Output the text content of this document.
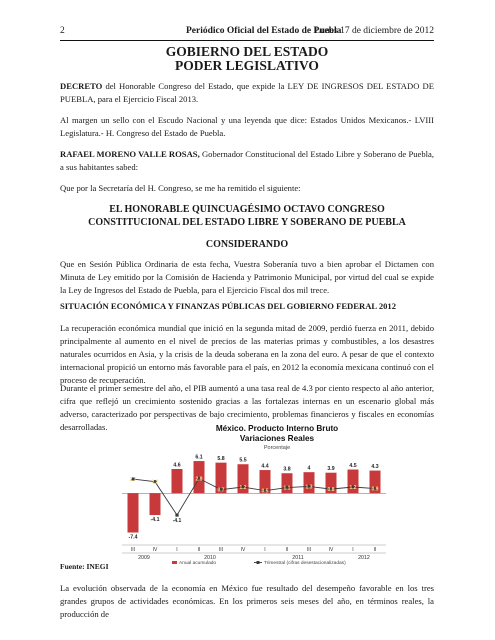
2	Periódico Oficial del Estado de Puebla
Lunes 17 de diciembre de 2012
GOBIERNO DEL ESTADO
PODER LEGISLATIVO

DECRETO del Honorable Congreso del Estado, que expide la LEY DE INGRESOS DEL ESTADO DE PUEBLA, para el Ejercicio Fiscal 2013.

Al margen un sello con el Escudo Nacional y una leyenda que dice: Estados Unidos Mexicanos.- LVIII Legislatura.- H. Congreso del Estado de Puebla.

RAFAEL MORENO VALLE ROSAS, Gobernador Constitucional del Estado Libre y Soberano de Puebla, a sus habitantes sabed:

Que por la Secretaría del H. Congreso, se me ha remitido el siguiente:

EL HONORABLE QUINCUAGÉSIMO OCTAVO CONGRESO
CONSTITUCIONAL DEL ESTADO LIBRE Y SOBERANO DE PUEBLA
CONSIDERANDO

Que en Sesión Pública Ordinaria de esta fecha, Vuestra Soberanía tuvo a bien aprobar el Dictamen con Minuta de Ley emitido por la Comisión de Hacienda y Patrimonio Municipal, por virtud del cual se expide la Ley de Ingresos del Estado de Puebla, para el Ejercicio Fiscal dos mil trece.

SITUACIÓN ECONÓMICA Y FINANZAS PÚBLICAS DEL GOBIERNO FEDERAL 2012

La recuperación económica mundial que inició en la segunda mitad de 2009, perdió fuerza en 2011, debido principalmente al aumento en el nivel de precios de las materias primas y combustibles, a los desastres naturales ocurridos en Asia, y la crisis de la deuda soberana en la zona del euro. A pesar de que el contexto internacional propició un entorno más favorable para el país, en 2012 la economía mexicana continuó con el proceso de recuperación.

Durante el primer semestre del año, el PIB aumentó a una tasa real de 4.3 por ciento respecto al año anterior, cifra que reflejó un crecimiento sostenido gracias a las fortalezas internas en un escenario global más adverso, caracterizado por perspectivas de bajo crecimiento, problemas financieros y fiscales en economías desarrolladas.	México. Producto Interno Bruto
Variaciones Reales
Porcentaje
-7.4
-4.1
4.6
6.1	5.8	5.5
4.4
3.8	4	3.9
4.5	4.3
2.7	2.2
-4.1
2.8
0.7	1.2
0.5
1.1	1.3	0.8	1.2	0.9
III	IV	I	II	III	IV	I	II	III	IV	I	II
2009	2010	2011	2012
Anual acumulado	Trimestral (cifras desestacionalizadas)
Fuente: INEGI

La evolución observada de la economía en México fue resultado del desempeño favorable en los tres grandes grupos de actividades económicas. En los primeros seis meses del año, en términos reales, la producción de
